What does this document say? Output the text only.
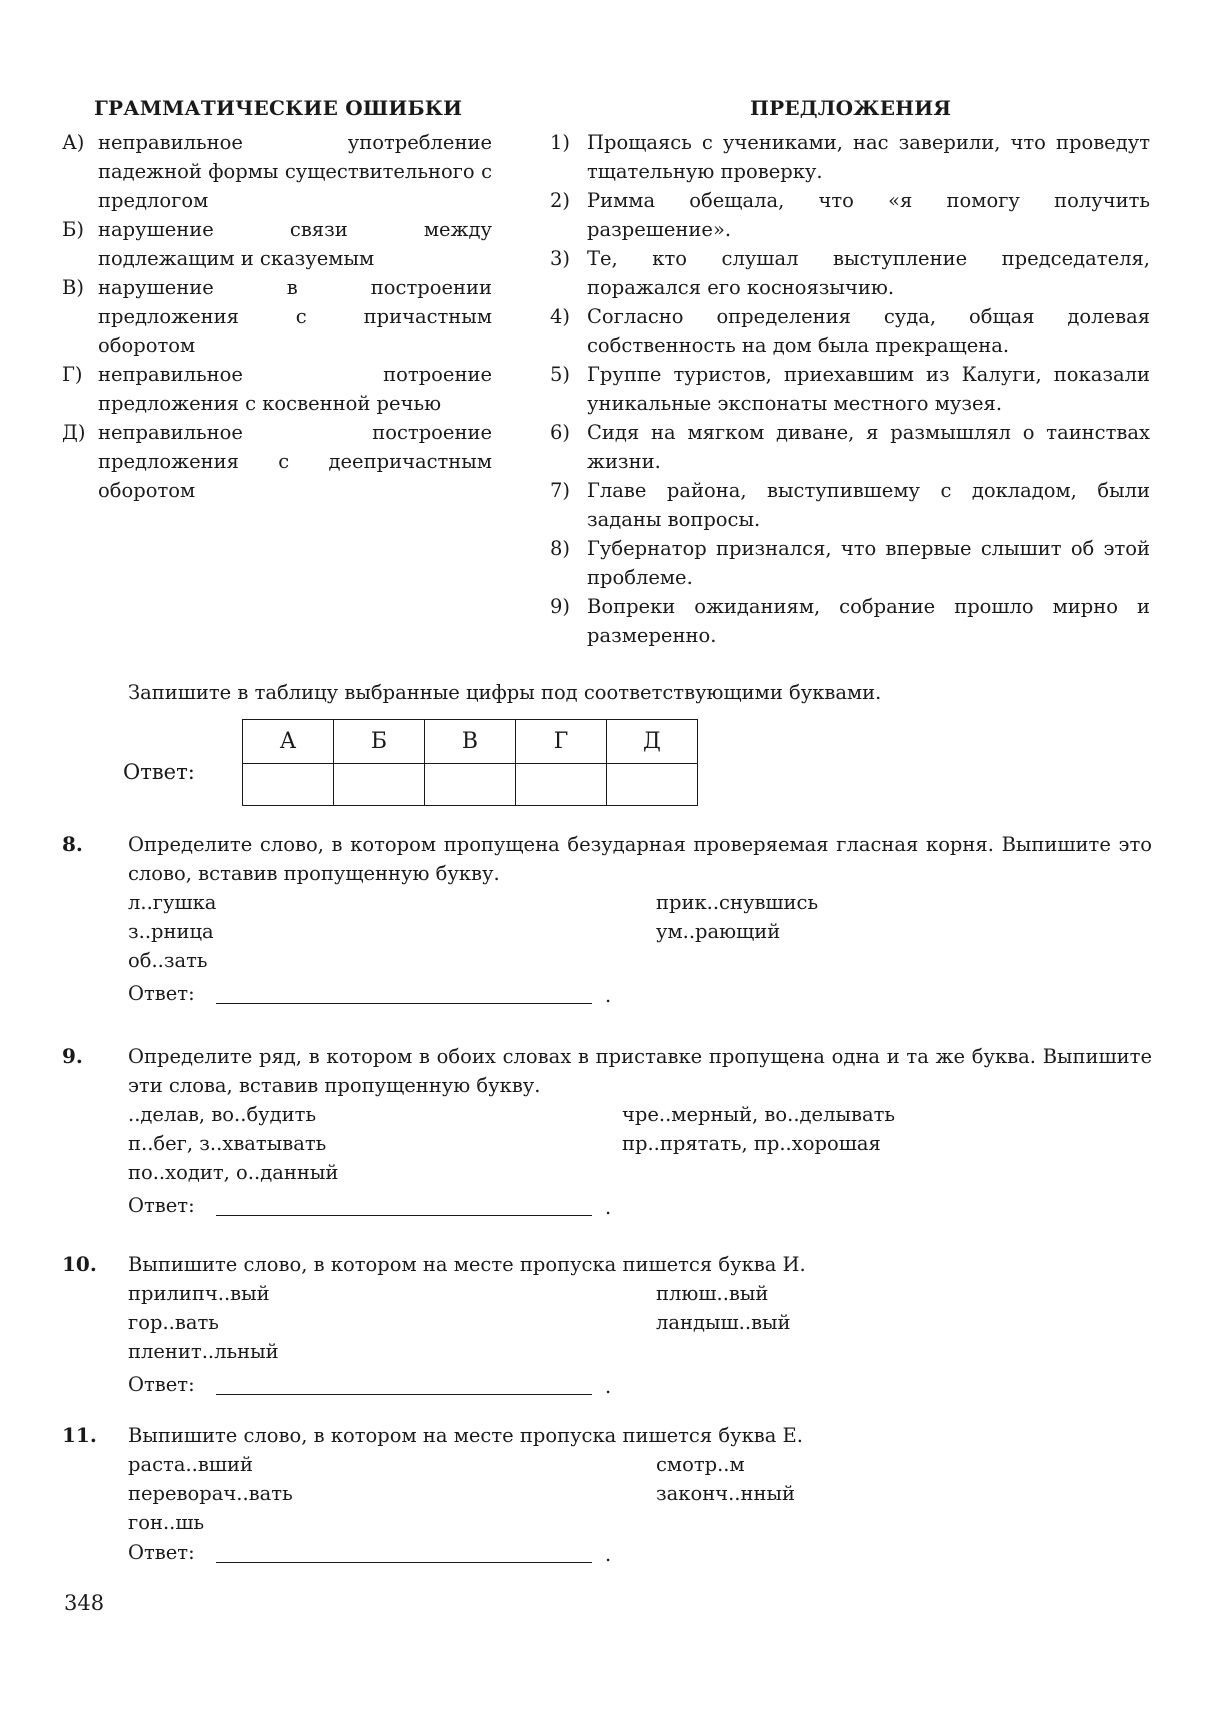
ГРАММАТИЧЕСКИЕ ОШИБКИ
А) неправильное употребление падежной формы существительного с предлогом
Б) нарушение связи между подлежащим и сказуемым
В) нарушение в построении предложения с причастным оборотом
Г) неправильное потроение предложения с косвенной речью
Д) неправильное построение предложения с деепричастным оборотом
ПРЕДЛОЖЕНИЯ
1) Прощаясь с учениками, нас заверили, что проведут тщательную проверку.
2) Римма обещала, что «я помогу получить разрешение».
3) Те, кто слушал выступление председателя, поражался его косноязычию.
4) Согласно определения суда, общая долевая собственность на дом была прекращена.
5) Группе туристов, приехавшим из Калуги, показали уникальные экспонаты местного музея.
6) Сидя на мягком диване, я размышлял о таинствах жизни.
7) Главе района, выступившему с докладом, были заданы вопросы.
8) Губернатор признался, что впервые слышит об этой проблеме.
9) Вопреки ожиданиям, собрание прошло мирно и размеренно.
Запишите в таблицу выбранные цифры под соответствующими буквами.
Ответ:
А	Б	В	Г	Д

8. Определите слово, в котором пропущена безударная проверяемая гласная корня. Выпишите это слово, вставив пропущенную букву.
л..гушка
з..рница
об..зать
прик..снувшись
ум..рающий
Ответ:	.
9. Определите ряд, в котором в обоих словах в приставке пропущена одна и та же буква. Выпишите эти слова, вставив пропущенную букву.
..делав, во..будить
п..бег, з..хватывать
по..ходит, о..данный
чре..мерный, во..делывать
пр..прятать, пр..хорошая
Ответ:	.
10. Выпишите слово, в котором на месте пропуска пишется буква И.
прилипч..вый
гор..вать
пленит..льный
плюш..вый
ландыш..вый
Ответ:	.
11. Выпишите слово, в котором на месте пропуска пишется буква Е.
раста..вший
переворач..вать
гон..шь
смотр..м
законч..нный
Ответ:	.
348
